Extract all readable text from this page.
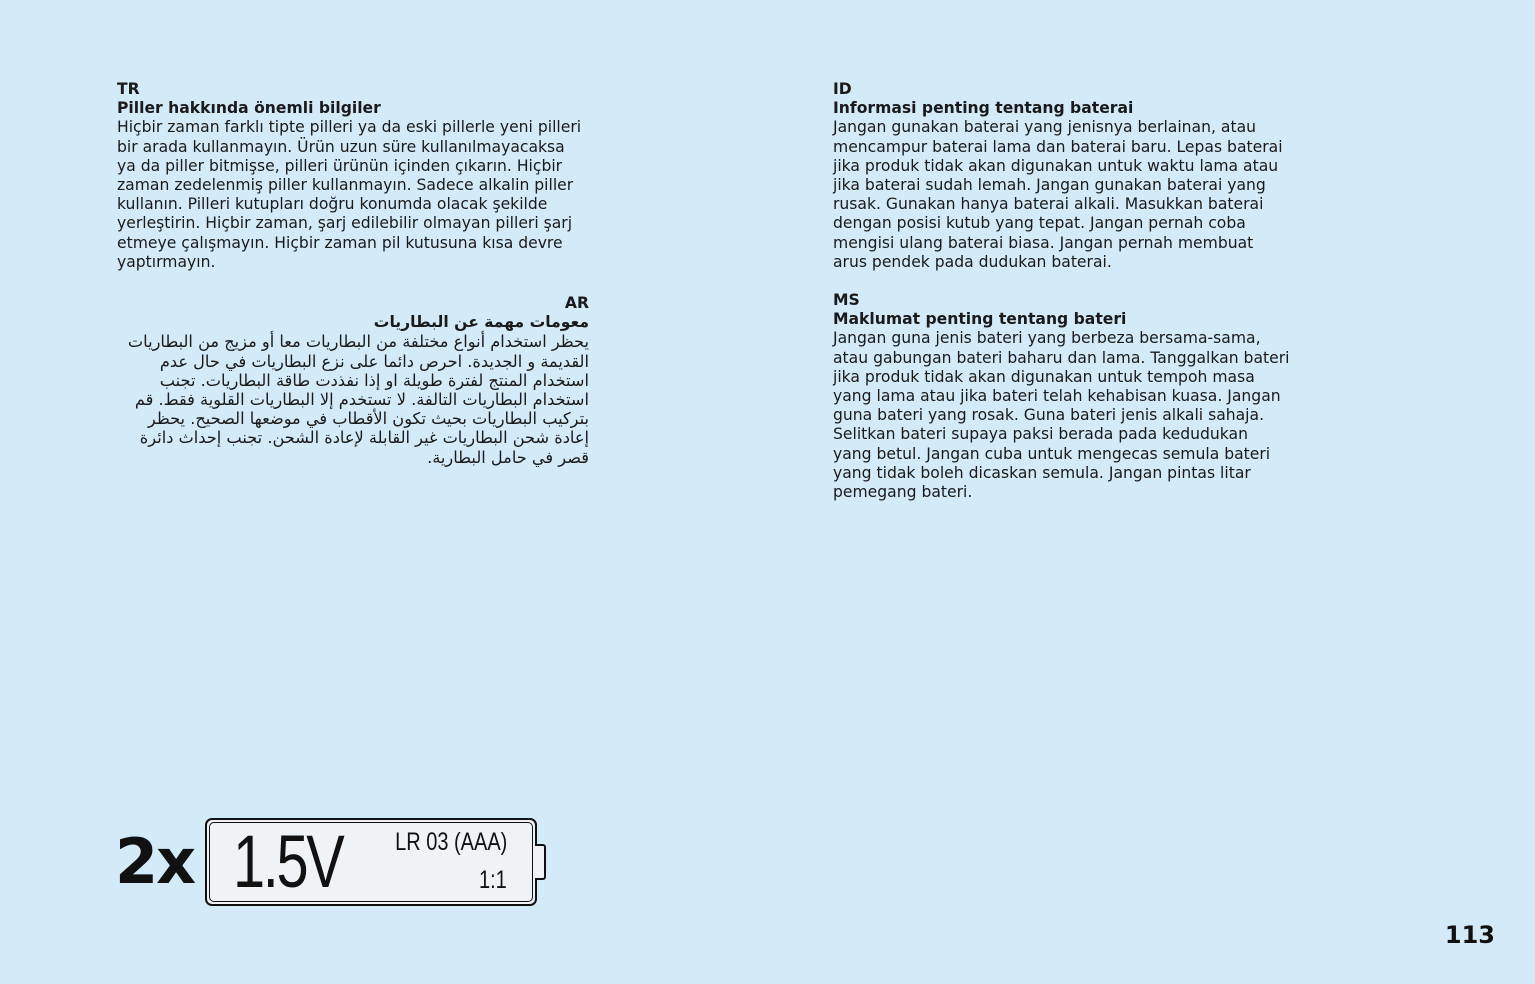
TR

Piller hakkında önemli bilgiler

Hiçbir zaman farklı tipte pilleri ya da eski pillerle yeni pilleri
bir arada kullanmayın. Ürün uzun süre kullanılmayacaksa
ya da piller bitmişse, pilleri ürünün içinden çıkarın. Hiçbir
zaman zedelenmiş piller kullanmayın. Sadece alkalin piller
kullanın. Pilleri kutupları doğru konumda olacak şekilde
yerleştirin. Hiçbir zaman, şarj edilebilir olmayan pilleri şarj
etmeye çalışmayın. Hiçbir zaman pil kutusuna kısa devre
yaptırmayın.

AR

معومات مهمة عن البطاريات

يحظر استخدام أنواع مختلفة من البطاريات معا أو مزيج من البطاريات
القديمة و الجديدة. احرص دائما على نزع البطاريات في حال عدم
استخدام المنتج لفترة طويلة او إذا نفذدت طاقة البطاريات. تجنب
استخدام البطاريات التالفة. لا تستخدم إلا البطاريات القلوية فقط. قم
بتركيب البطاريات بحيث تكون الأقطاب في موضعها الصحيح. يحظر
إعادة شحن البطاريات غير القابلة لإعادة الشحن. تجنب إحداث دائرة
قصر في حامل البطارية.

ID

Informasi penting tentang baterai

Jangan gunakan baterai yang jenisnya berlainan, atau
mencampur baterai lama dan baterai baru. Lepas baterai
jika produk tidak akan digunakan untuk waktu lama atau
jika baterai sudah lemah. Jangan gunakan baterai yang
rusak. Gunakan hanya baterai alkali. Masukkan baterai
dengan posisi kutub yang tepat. Jangan pernah coba
mengisi ulang baterai biasa. Jangan pernah membuat
arus pendek pada dudukan baterai.

MS

Maklumat penting tentang bateri

Jangan guna jenis bateri yang berbeza bersama-sama,
atau gabungan bateri baharu dan lama. Tanggalkan bateri
jika produk tidak akan digunakan untuk tempoh masa
yang lama atau jika bateri telah kehabisan kuasa. Jangan
guna bateri yang rosak. Guna bateri jenis alkali sahaja.
Selitkan bateri supaya paksi berada pada kedudukan
yang betul. Jangan cuba untuk mengecas semula bateri
yang tidak boleh dicaskan semula. Jangan pintas litar
pemegang bateri.

2x 1.5V LR 03 (AAA)
1:1
113
